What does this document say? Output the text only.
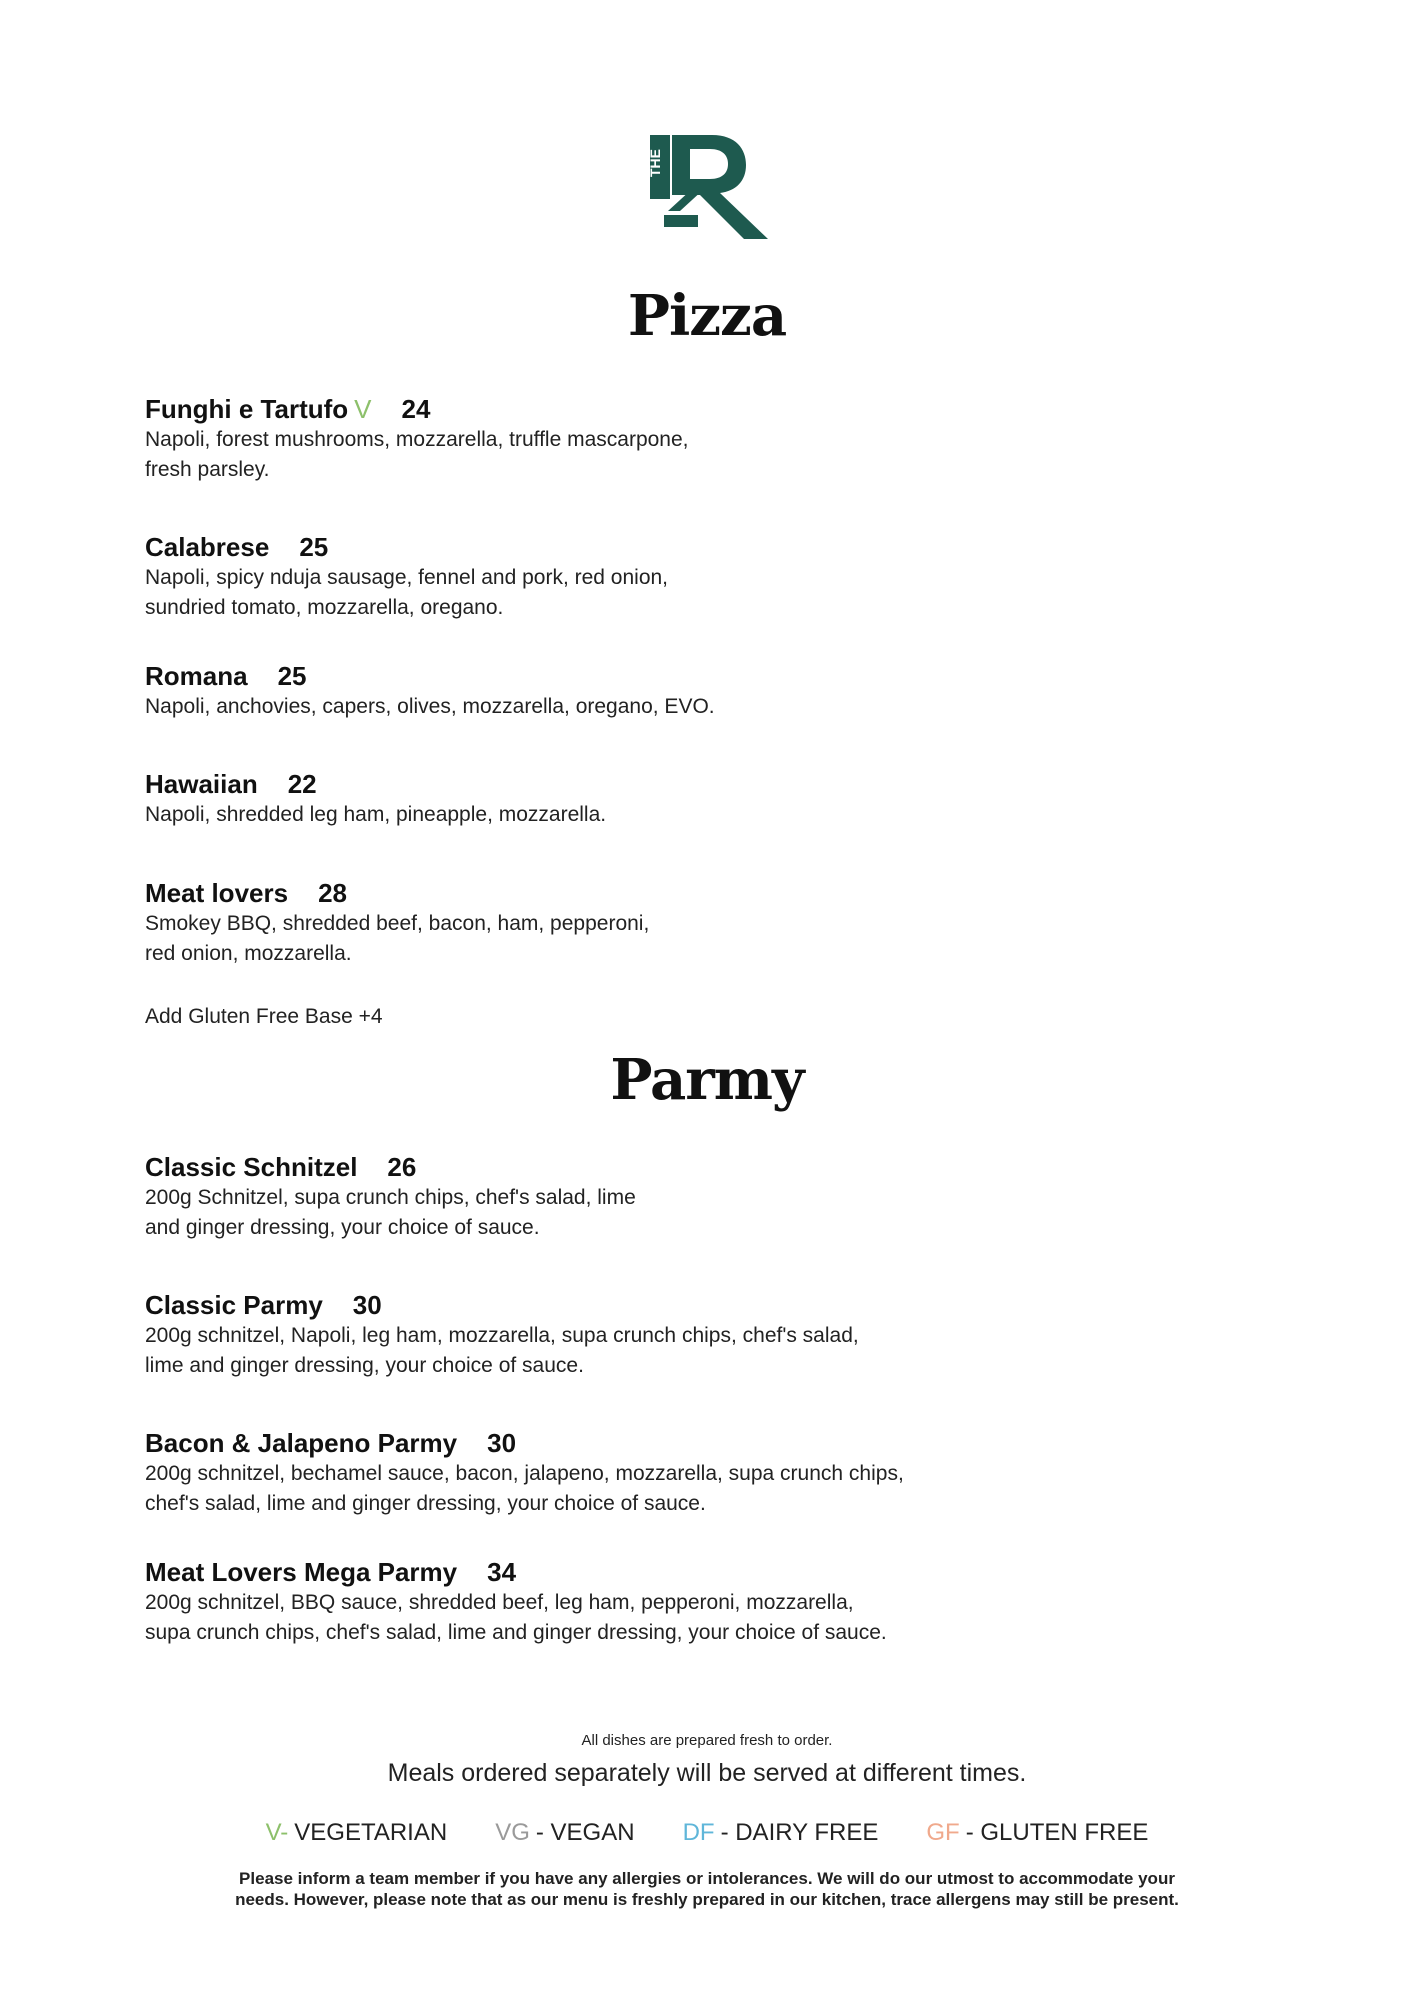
THE
Pizza
Funghi e Tartufo V 24
Napoli, forest mushrooms, mozzarella, truffle mascarpone,
fresh parsley.
Calabrese 25
Napoli, spicy nduja sausage, fennel and pork, red onion,
sundried tomato, mozzarella, oregano.
Romana 25
Napoli, anchovies, capers, olives, mozzarella, oregano, EVO.
Hawaiian 22
Napoli, shredded leg ham, pineapple, mozzarella.
Meat lovers 28
Smokey BBQ, shredded beef, bacon, ham, pepperoni,
red onion, mozzarella.
Add Gluten Free Base +4
Parmy
Classic Schnitzel 26
200g Schnitzel, supa crunch chips, chef's salad, lime
and ginger dressing, your choice of sauce.
Classic Parmy 30
200g schnitzel, Napoli, leg ham, mozzarella, supa crunch chips, chef's salad,
lime and ginger dressing, your choice of sauce.
Bacon & Jalapeno Parmy 30
200g schnitzel, bechamel sauce, bacon, jalapeno, mozzarella, supa crunch chips,
chef's salad, lime and ginger dressing, your choice of sauce.
Meat Lovers Mega Parmy 34
200g schnitzel, BBQ sauce, shredded beef, leg ham, pepperoni, mozzarella,
supa crunch chips, chef's salad, lime and ginger dressing, your choice of sauce.
All dishes are prepared fresh to order.
Meals ordered separately will be served at different times.
V- VEGETARIAN VG - VEGAN DF - DAIRY FREE GF - GLUTEN FREE
Please inform a team member if you have any allergies or intolerances. We will do our utmost to accommodate your
needs. However, please note that as our menu is freshly prepared in our kitchen, trace allergens may still be present.
